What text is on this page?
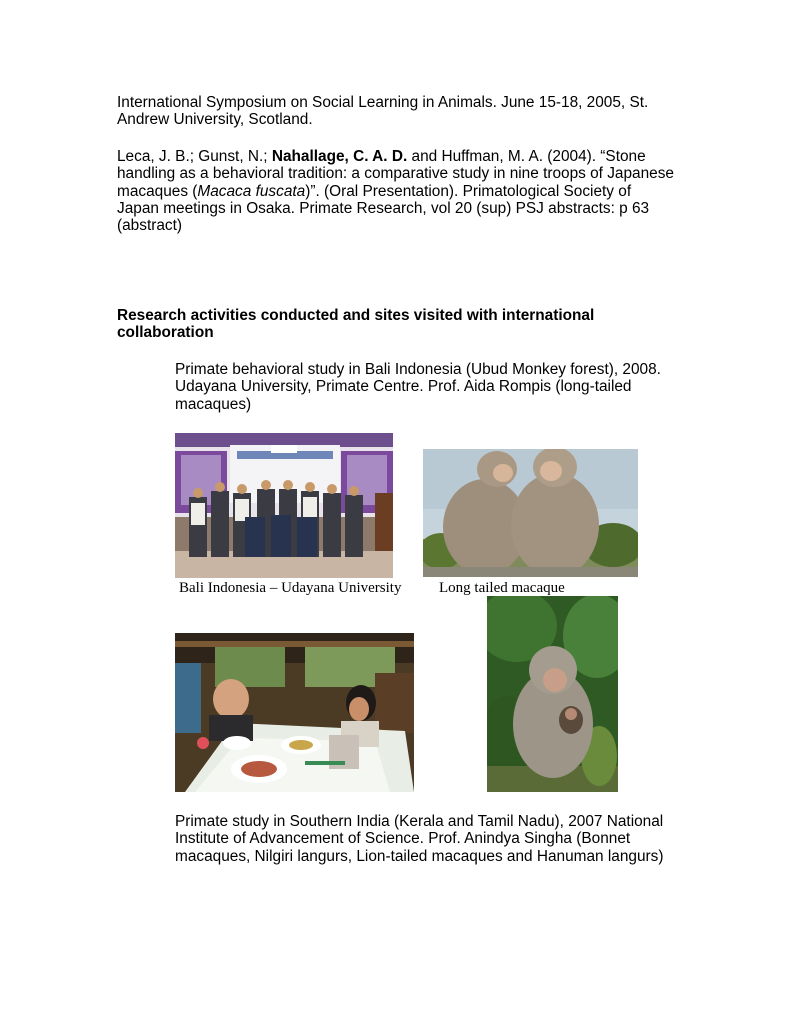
International Symposium on Social Learning in Animals. June 15-18, 2005, St. Andrew University, Scotland.

Leca, J. B.; Gunst, N.; Nahallage, C. A. D. and Huffman, M. A. (2004). “Stone handling as a behavioral tradition: a comparative study in nine troops of Japanese macaques (Macaca fuscata)”. (Oral Presentation). Primatological Society of Japan meetings in Osaka. Primate Research, vol 20 (sup) PSJ abstracts: p 63 (abstract)

Research activities conducted and sites visited with international collaboration

Primate behavioral study in Bali Indonesia (Ubud Monkey forest), 2008. Udayana University, Primate Centre. Prof. Aida Rompis (long-tailed macaques)

Bali Indonesia – Udayana University	Long tailed macaque

Primate study in Southern India (Kerala and Tamil Nadu), 2007 National Institute of Advancement of Science. Prof. Anindya Singha (Bonnet macaques, Nilgiri langurs, Lion-tailed macaques and Hanuman langurs)
